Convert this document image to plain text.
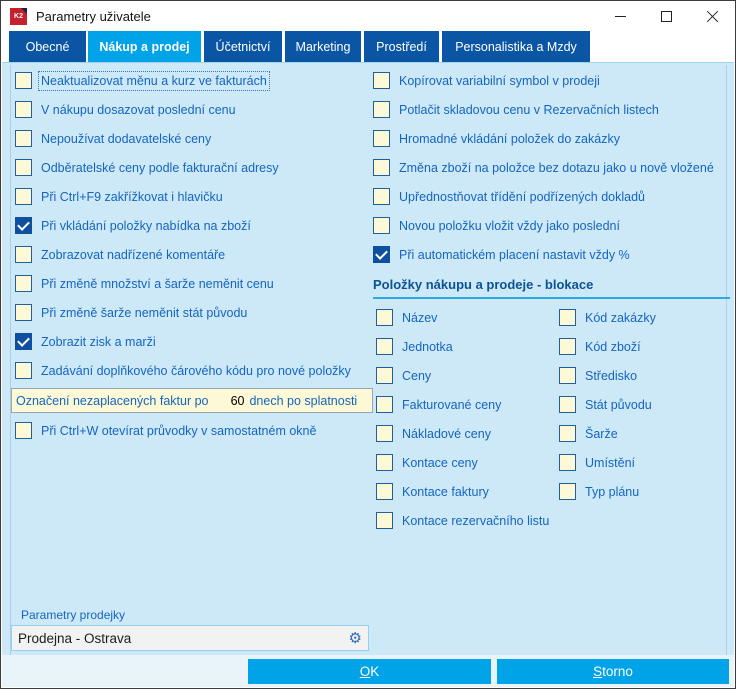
K2 Parametry uživatele
Obecné	Nákup a prodej	Účetnictví	Marketing	Prostředí	Personalistika a Mzdy
Neaktualizovat měnu a kurz ve fakturách
V nákupu dosazovat poslední cenu
Nepoužívat dodavatelské ceny
Odběratelské ceny podle fakturační adresy
Při Ctrl+F9 zakřížkovat i hlavičku
Při vkládání položky nabídka na zboží
Zobrazovat nadřízené komentáře
Při změně množství a šarže neměnit cenu
Při změně šarže neměnit stát původu
Zobrazit zisk a marži
Zadávání doplňkového čárového kódu pro nové položky
Označení nezaplacených faktur po	60 dnech po splatnosti
Při Ctrl+W otevírat průvodky v samostatném okně
Kopírovat variabilní symbol v prodeji
Potlačit skladovou cenu v Rezervačních listech
Hromadné vkládání položek do zakázky
Změna zboží na položce bez dotazu jako u nově vložené
Upřednostňovat třídění podřízených dokladů
Novou položku vložit vždy jako poslední
Při automatickém placení nastavit vždy %
Položky nákupu a prodeje - blokace
Název	Kód zakázky
Jednotka	Kód zboží
Ceny	Středisko
Fakturované ceny	Stát původu
Nákladové ceny	Šarže
Kontace ceny	Umístění
Kontace faktury	Typ plánu
Kontace rezervačního listu
Parametry prodejky
Prodejna - Ostrava	⚙
OK	Storno
